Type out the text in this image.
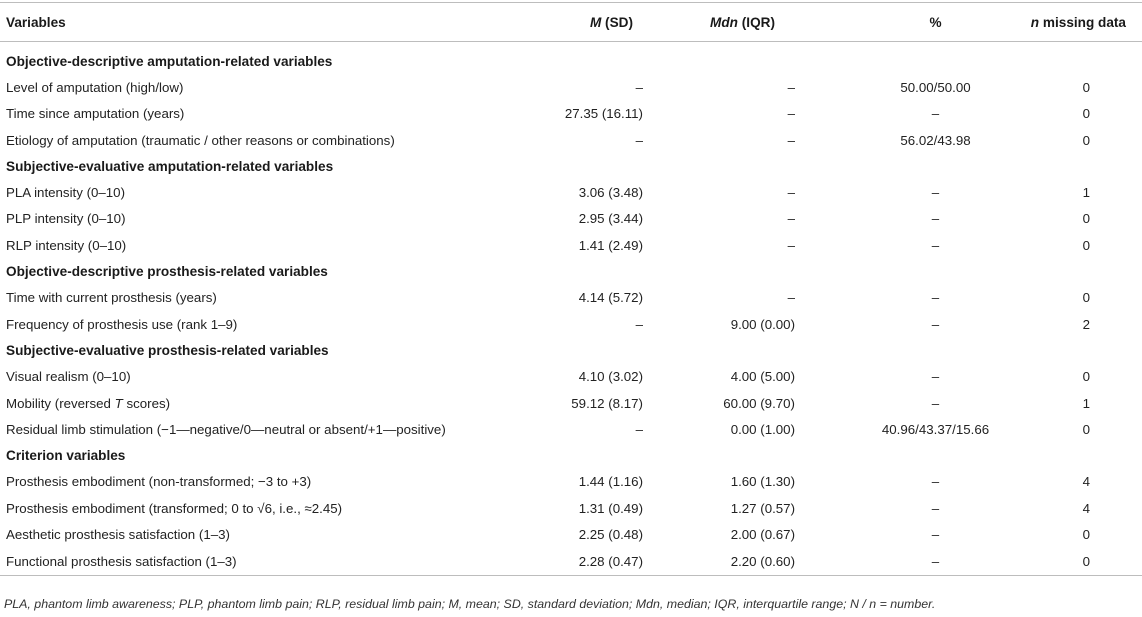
Variables	M (SD)	Mdn (IQR)	%	n missing data
Objective-descriptive amputation-related variables				
Level of amputation (high/low)	–	–	50.00/50.00	0
Time since amputation (years)	27.35 (16.11)	–	–	0
Etiology of amputation (traumatic / other reasons or combinations)	–	–	56.02/43.98	0
Subjective-evaluative amputation-related variables				
PLA intensity (0–10)	3.06 (3.48)	–	–	1
PLP intensity (0–10)	2.95 (3.44)	–	–	0
RLP intensity (0–10)	1.41 (2.49)	–	–	0
Objective-descriptive prosthesis-related variables				
Time with current prosthesis (years)	4.14 (5.72)	–	–	0
Frequency of prosthesis use (rank 1–9)	–	9.00 (0.00)	–	2
Subjective-evaluative prosthesis-related variables				
Visual realism (0–10)	4.10 (3.02)	4.00 (5.00)	–	0
Mobility (reversed T scores)	59.12 (8.17)	60.00 (9.70)	–	1
Residual limb stimulation (−1—negative/0—neutral or absent/+1—positive)	–	0.00 (1.00)	40.96/43.37/15.66	0
Criterion variables				
Prosthesis embodiment (non-transformed; −3 to +3)	1.44 (1.16)	1.60 (1.30)	–	4
Prosthesis embodiment (transformed; 0 to √6, i.e., ≈2.45)	1.31 (0.49)	1.27 (0.57)	–	4
Aesthetic prosthesis satisfaction (1–3)	2.25 (0.48)	2.00 (0.67)	–	0
Functional prosthesis satisfaction (1–3)	2.28 (0.47)	2.20 (0.60)	–	0
PLA, phantom limb awareness; PLP, phantom limb pain; RLP, residual limb pain; M, mean; SD, standard deviation; Mdn, median; IQR, interquartile range; N / n = number.
